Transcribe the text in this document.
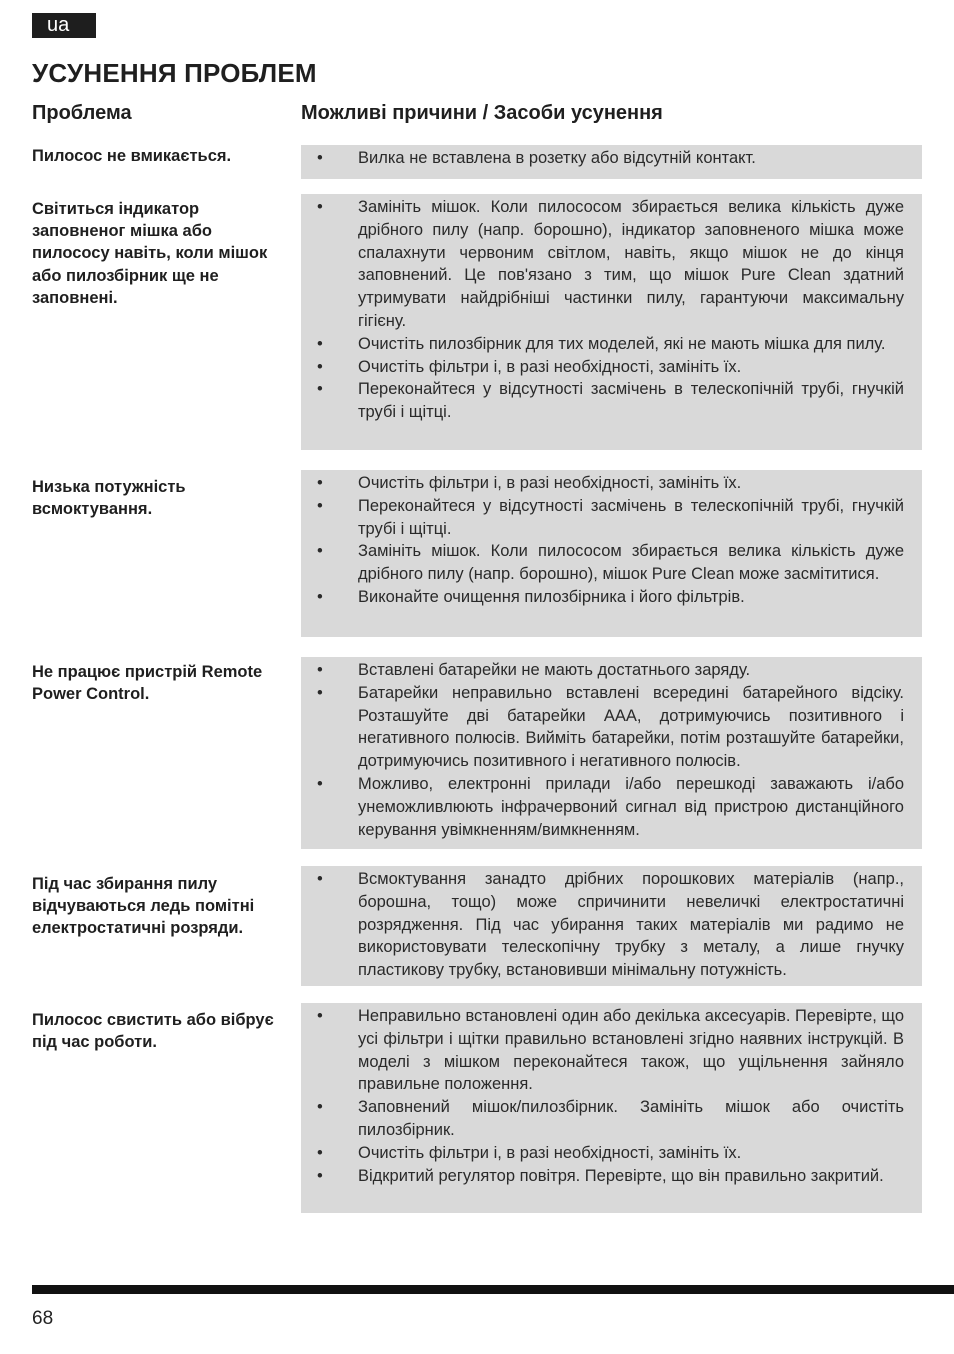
ua
УСУНЕННЯ ПРОБЛЕМ
Проблема	Можливі причини / Засоби усунення
Пилосос не вмикається.	• Вилка не вставлена в розетку або відсутній контакт.
Світиться індикатор заповненог мішка або пилососу навіть, коли мішок або пилозбірник ще не заповнені.
• Замініть мішок. Коли пилососом збирається велика кількість дуже дрібного пилу (напр. борошно), індикатор заповненого мішка може спалахнути червоним світлом, навіть, якщо мішок не до кінця заповнений. Це пов'язано з тим, що мішок Pure Clean здатний утримувати найдрібніші частинки пилу, гарантуючи максимальну гігієну.
• Очистіть пилозбірник для тих моделей, які не мають мішка для пилу.
• Очистіть фільтри і, в разі необхідності, замініть їх.
• Переконайтеся у відсутності засмічень в телескопічній трубі, гнучкій трубі і щітці.
Низька потужність всмоктування.
• Очистіть фільтри і, в разі необхідності, замініть їх.
• Переконайтеся у відсутності засмічень в телескопічній трубі, гнучкій трубі і щітці.
• Замініть мішок. Коли пилососом збирається велика кількість дуже дрібного пилу (напр. борошно), мішок Pure Clean може засмітитися.
• Виконайте очищення пилозбірника і його фільтрів.
Не працює пристрій Remote Power Control.
• Вставлені батарейки не мають достатнього заряду.
• Батарейки неправильно вставлені всередині батарейного відсіку. Розташуйте дві батарейки AAA, дотримуючись позитивного і негативного полюсів. Вийміть батарейки, потім розташуйте батарейки, дотримуючись позитивного і негативного полюсів.
• Можливо, електронні прилади і/або перешкоді заважають і/або унеможливлюють інфрачервоний сигнал від пристрою дистанційного керування увімкненням/вимкненням.
Під час збирання пилу відчуваються ледь помітні електростатичні розряди.
• Всмоктування занадто дрібних порошкових матеріалів (напр., борошна, тощо) може спричинити невеличкі електростатичні розрядження. Під час убирання таких матеріалів ми радимо не використовувати телескопічну трубку з металу, а лише гнучку пластикову трубку, встановивши мінімальну потужність.
Пилосос свистить або вібрує під час роботи.
• Неправильно встановлені один або декілька аксесуарів. Перевірте, що усі фільтри і щітки правильно встановлені згідно наявних інструкцій. В моделі з мішком переконайтеся також, що ущільнення зайняло правильне положення.
• Заповнений мішок/пилозбірник. Замініть мішок або очистіть пилозбірник.
• Очистіть фільтри і, в разі необхідності, замініть їх.
• Відкритий регулятор повітря. Перевірте, що він правильно закритий.
68
